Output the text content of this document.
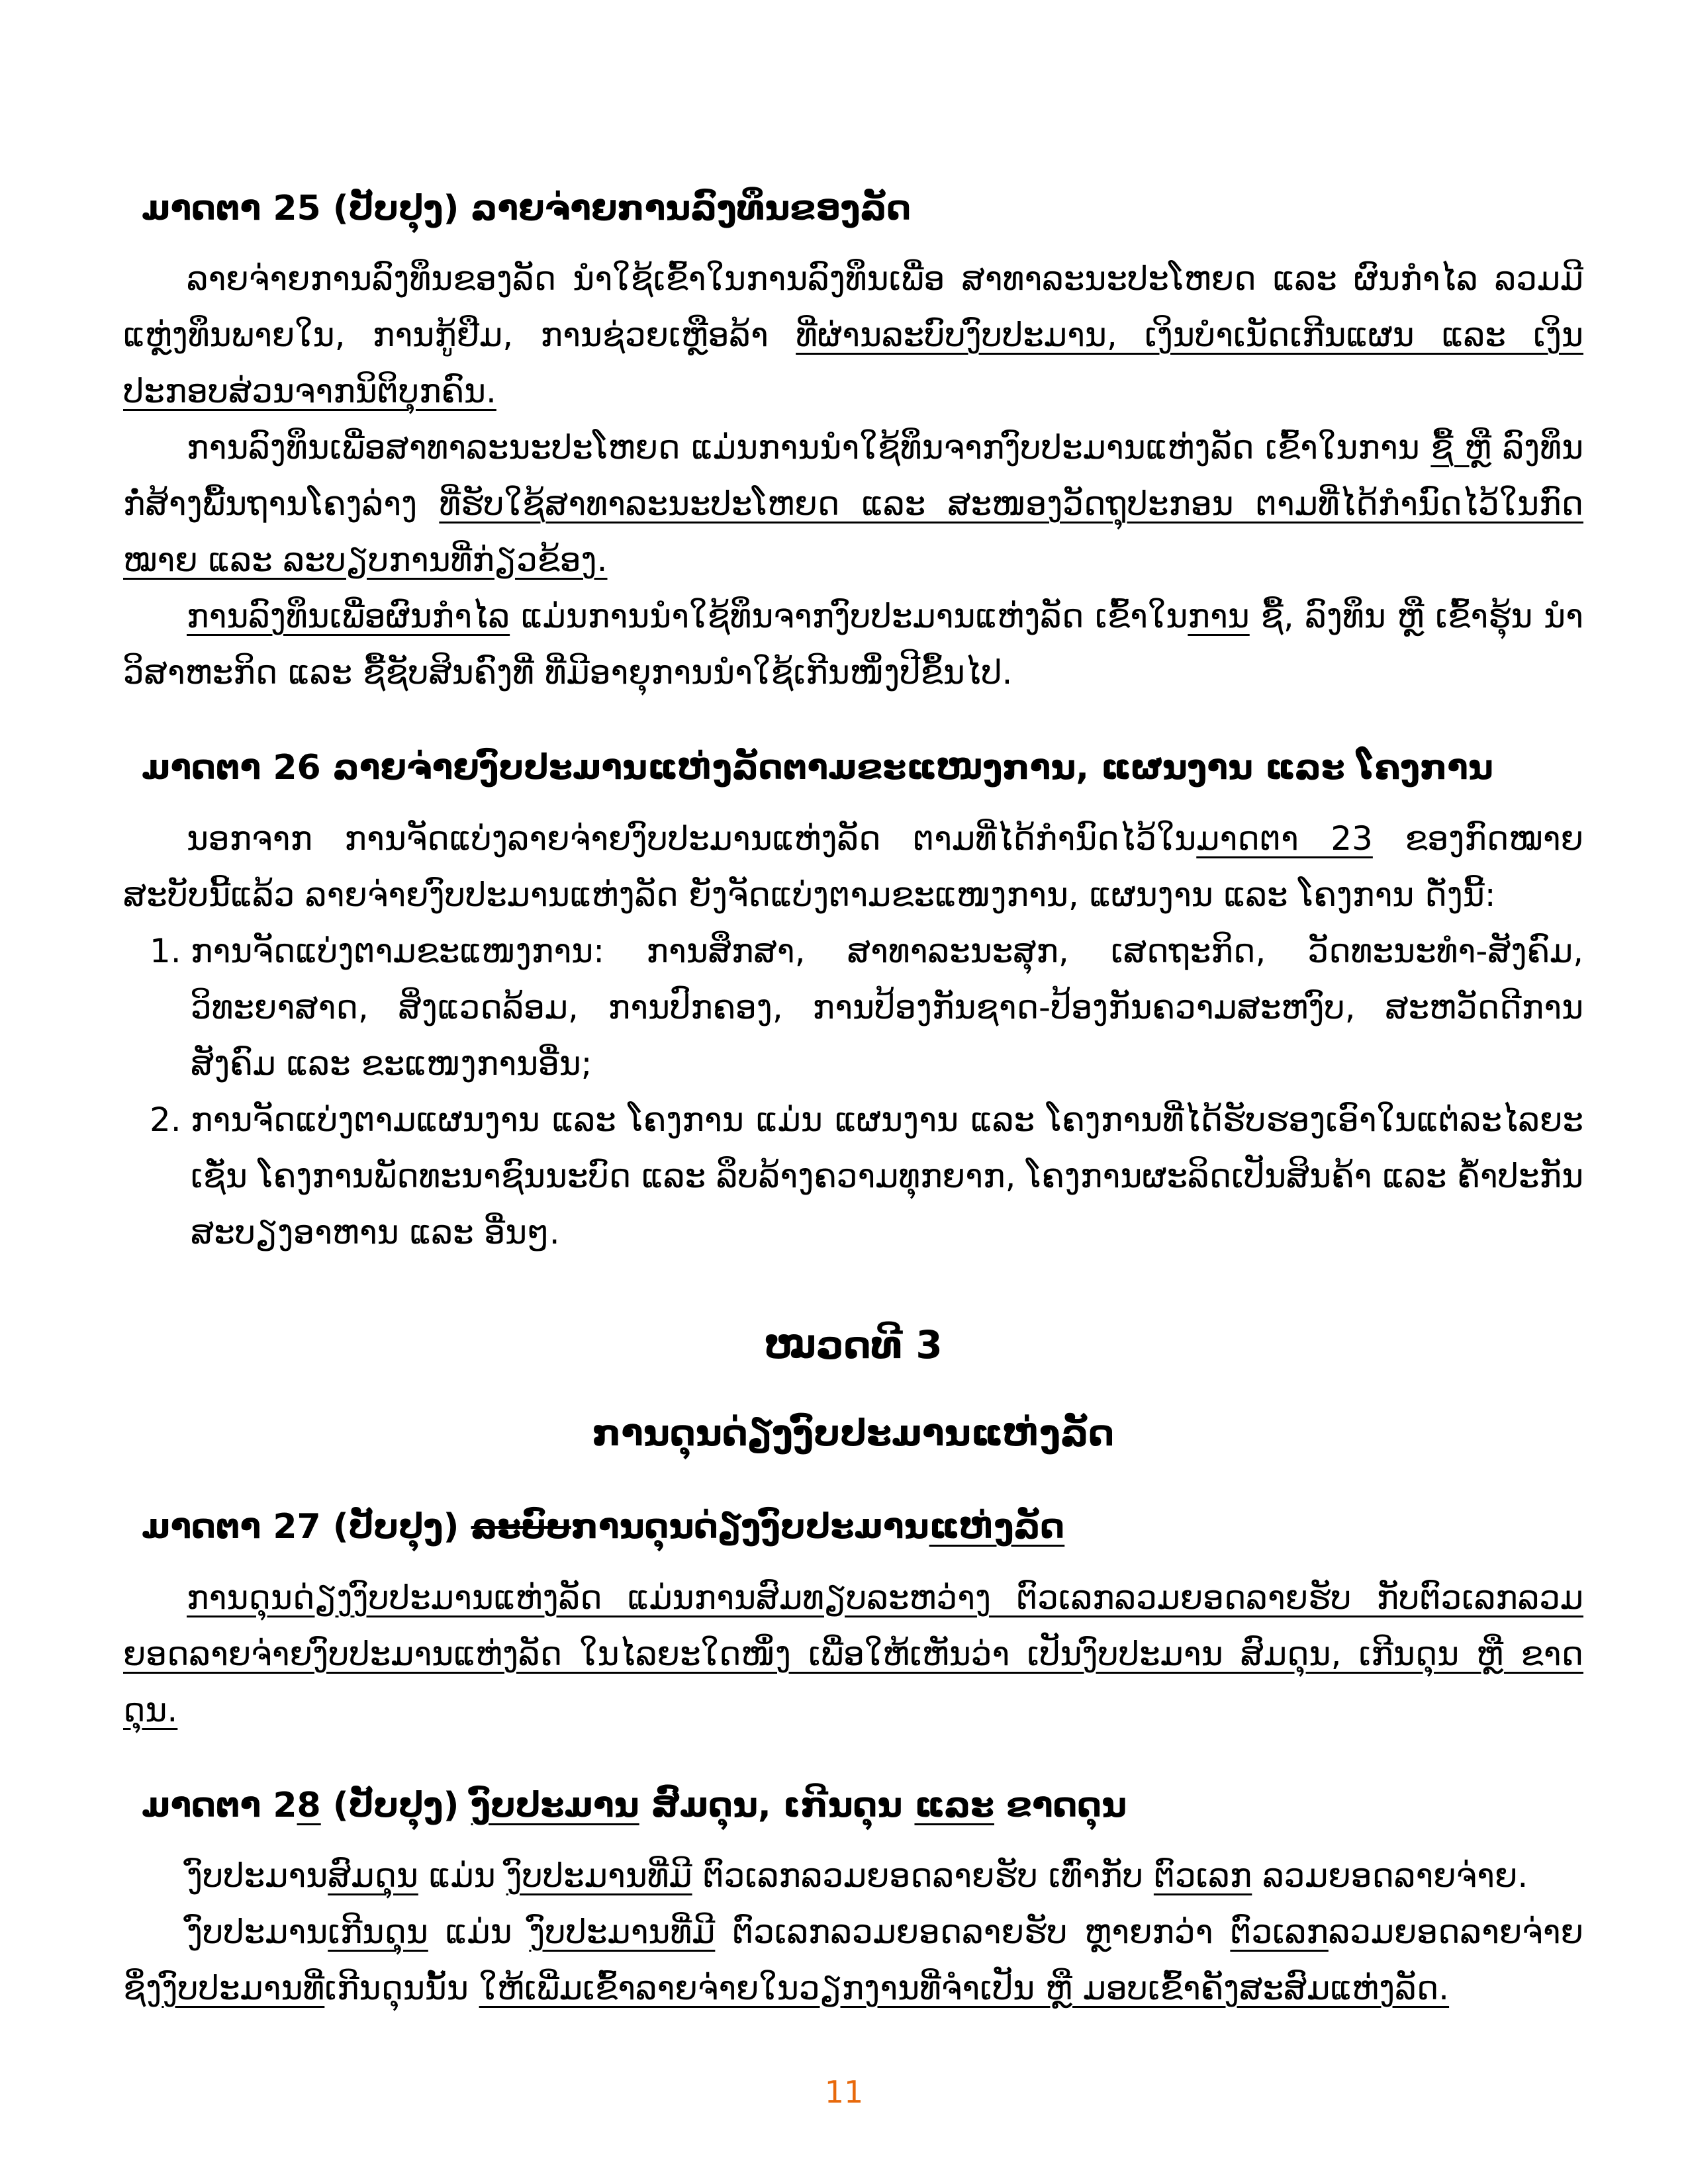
ມາດຕາ 25 (ປັບປຸງ) ລາຍຈ່າຍການລົງທຶນຂອງລັດ

ລາຍຈ່າຍການລົງທຶນຂອງລັດ ນຳໃຊ້ເຂົ້າໃນການລົງທຶນເພື່ອ ສາທາລະນະປະໂຫຍດ ແລະ ຜົນກຳໄລ ລວມມີ ແຫຼ່ງທຶນພາຍໃນ, ການກູ້ຢືມ, ການຊ່ວຍເຫຼືອລ້າ ທີ່ຜ່ານລະບົບງົບປະມານ, ເງິນບຳເນັດເກີນແຜນ ແລະ ເງິນ ປະກອບສ່ວນຈາກນິຕິບຸກຄົນ.

ການລົງທຶນເພື່ອສາທາລະນະປະໂຫຍດ ແມ່ນການນຳໃຊ້ທຶນຈາກງົບປະມານແຫ່ງລັດ ເຂົ້າໃນການ ຊື້ ຫຼື ລົງທຶນ ກໍ່ສ້າງພື້ນຖານໂຄງລ່າງ ທີ່ຮັບໃຊ້ສາທາລະນະປະໂຫຍດ ແລະ ສະໜອງວັດຖຸປະກອນ ຕາມທີ່ໄດ້ກຳນົດໄວ້ໃນກົດ ໝາຍ ແລະ ລະບຽບການທີ່ກ່ຽວຂ້ອງ.

ການລົງທຶນເພື່ອຜົນກຳໄລ ແມ່ນການນຳໃຊ້ທຶນຈາກງົບປະມານແຫ່ງລັດ ເຂົ້າໃນການ ຊື້, ລົງທຶນ ຫຼື ເຂົ້າຮຸ້ນ ນຳວິສາຫະກິດ ແລະ ຊື້ຊັບສິນຄົງທີ່ ທີ່ມີອາຍຸການນຳໃຊ້ເກີນໜຶ່ງປີຂຶ້ນໄປ.

ມາດຕາ 26 ລາຍຈ່າຍງົບປະມານແຫ່ງລັດຕາມຂະແໜງການ, ແຜນງານ ແລະ ໂຄງການ

ນອກຈາກ ການຈັດແບ່ງລາຍຈ່າຍງົບປະມານແຫ່ງລັດ ຕາມທີ່ໄດ້ກຳນົດໄວ້ໃນມາດຕາ 23 ຂອງກົດໝາຍ ສະບັບນີ້ແລ້ວ ລາຍຈ່າຍງົບປະມານແຫ່ງລັດ ຍັງຈັດແບ່ງຕາມຂະແໜງການ, ແຜນງານ ແລະ ໂຄງການ ດັ່ງນີ້:

1. ການຈັດແບ່ງຕາມຂະແໜງການ: ການສຶກສາ, ສາທາລະນະສຸກ, ເສດຖະກິດ, ວັດທະນະທຳ-ສັງຄົມ, ວິທະຍາສາດ, ສິ່ງແວດລ້ອມ, ການປົກຄອງ, ການປ້ອງກັນຊາດ-ປ້ອງກັນຄວາມສະຫງົບ, ສະຫວັດດີການ ສັງຄົມ ແລະ ຂະແໜງການອື່ນ;
2. ການຈັດແບ່ງຕາມແຜນງານ ແລະ ໂຄງການ ແມ່ນ ແຜນງານ ແລະ ໂຄງການທີ່ໄດ້ຮັບຮອງເອົາໃນແຕ່ລະໄລຍະ ເຊັ່ນ ໂຄງການພັດທະນາຊົນນະບົດ ແລະ ລຶບລ້າງຄວາມທຸກຍາກ, ໂຄງການຜະລິດເປັນສິນຄ້າ ແລະ ຄໍ້າປະກັນ ສະບຽງອາຫານ ແລະ ອື່ນໆ.
ໝວດທີ 3
ການດຸນດ່ຽງງົບປະມານແຫ່ງລັດ
ມາດຕາ 27 (ປັບປຸງ) ລະບົບການດຸນດ່ຽງງົບປະມານແຫ່ງລັດ

ການດຸນດ່ຽງງົບປະມານແຫ່ງລັດ ແມ່ນການສົມທຽບລະຫວ່າງ ຕົວເລກລວມຍອດລາຍຮັບ ກັບຕົວເລກລວມ ຍອດລາຍຈ່າຍງົບປະມານແຫ່ງລັດ ໃນໄລຍະໃດໜຶ່ງ ເພື່ອໃຫ້ເຫັນວ່າ ເປັນງົບປະມານ ສົມດຸນ, ເກີນດຸນ ຫຼື ຂາດດຸນ.

ມາດຕາ 28 (ປັບປຸງ) ງົບປະມານ ສົມດຸນ, ເກີນດຸນ ແລະ ຂາດດຸນ

ງົບປະມານສົມດຸນ ແມ່ນ ງົບປະມານທີ່ມີ ຕົວເລກລວມຍອດລາຍຮັບ ເທົ່າກັບ ຕົວເລກ ລວມຍອດລາຍຈ່າຍ.

ງົບປະມານເກີນດຸນ ແມ່ນ ງົບປະມານທີ່ມີ ຕົວເລກລວມຍອດລາຍຮັບ ຫຼາຍກວ່າ ຕົວເລກລວມຍອດລາຍຈ່າຍ ຊຶ່ງງົບປະມານທີ່ເກີນດຸນນັ້ນ ໃຫ້ເພີ່ມເຂົ້າລາຍຈ່າຍໃນວຽກງານທີ່ຈຳເປັນ ຫຼື ມອບເຂົ້າຄັງສະສົມແຫ່ງລັດ.

11
